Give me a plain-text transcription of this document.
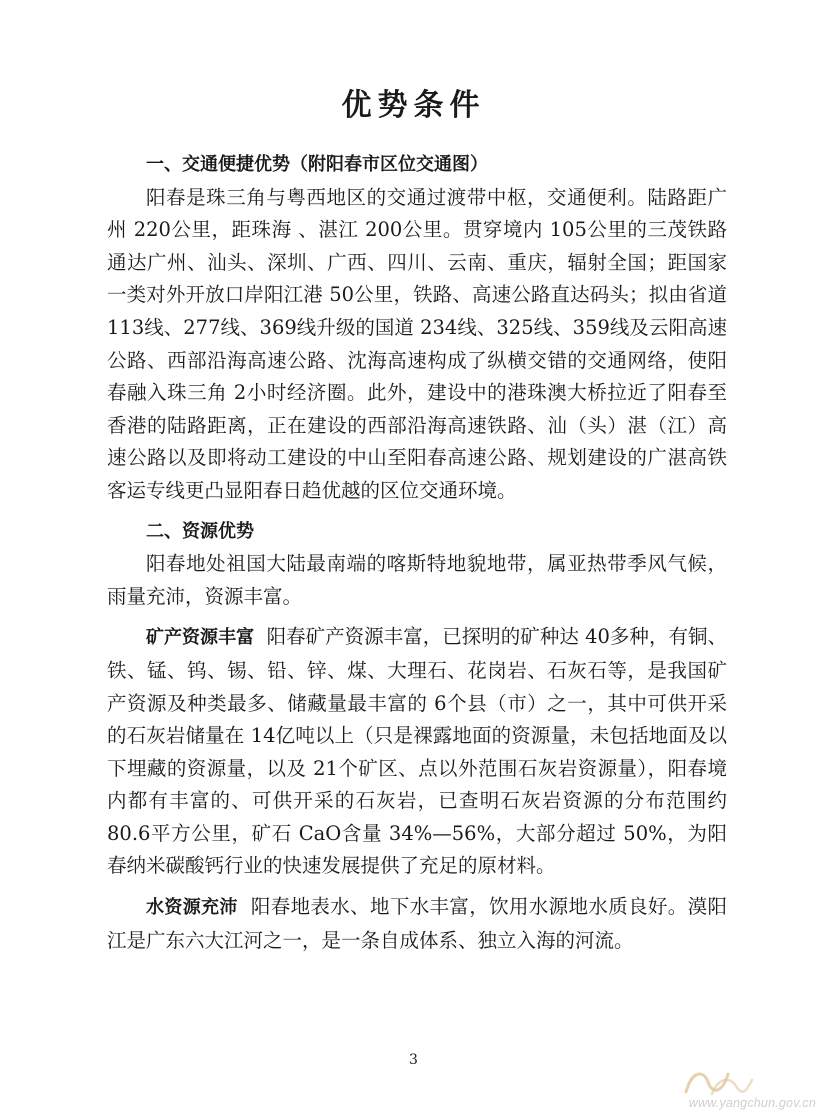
优势条件

一、交通便捷优势（附阳春市区位交通图）

阳春是珠三角与粤西地区的交通过渡带中枢，交通便利。陆路距广州 220公里，距珠海 、湛江 200公里。贯穿境内 105公里的三茂铁路通达广州、汕头、深圳、广西、四川、云南、重庆，辐射全国；距国家一类对外开放口岸阳江港 50公里，铁路、高速公路直达码头；拟由省道 113线、277线、369线升级的国道 234线、325线、359线及云阳高速公路、西部沿海高速公路、沈海高速构成了纵横交错的交通网络，使阳春融入珠三角 2小时经济圈。此外，建设中的港珠澳大桥拉近了阳春至香港的陆路距离，正在建设的西部沿海高速铁路、汕（头）湛（江）高速公路以及即将动工建设的中山至阳春高速公路、规划建设的广湛高铁客运专线更凸显阳春日趋优越的区位交通环境。

二、资源优势

阳春地处祖国大陆最南端的喀斯特地貌地带，属亚热带季风气候，雨量充沛，资源丰富。

矿产资源丰富 阳春矿产资源丰富，已探明的矿种达 40多种，有铜、铁、锰、钨、锡、铅、锌、煤、大理石、花岗岩、石灰石等，是我国矿产资源及种类最多、储藏量最丰富的 6个县（市）之一，其中可供开采的石灰岩储量在 14亿吨以上（只是裸露地面的资源量，未包括地面及以下埋藏的资源量，以及 21个矿区、点以外范围石灰岩资源量），阳春境内都有丰富的、可供开采的石灰岩，已查明石灰岩资源的分布范围约 80.6平方公里，矿石 CaO含量 34%—56%，大部分超过 50%，为阳春纳米碳酸钙行业的快速发展提供了充足的原材料。

水资源充沛 阳春地表水、地下水丰富，饮用水源地水质良好。漠阳江是广东六大江河之一，是一条自成体系、独立入海的河流。

3
www.yangchun.gov.cn
